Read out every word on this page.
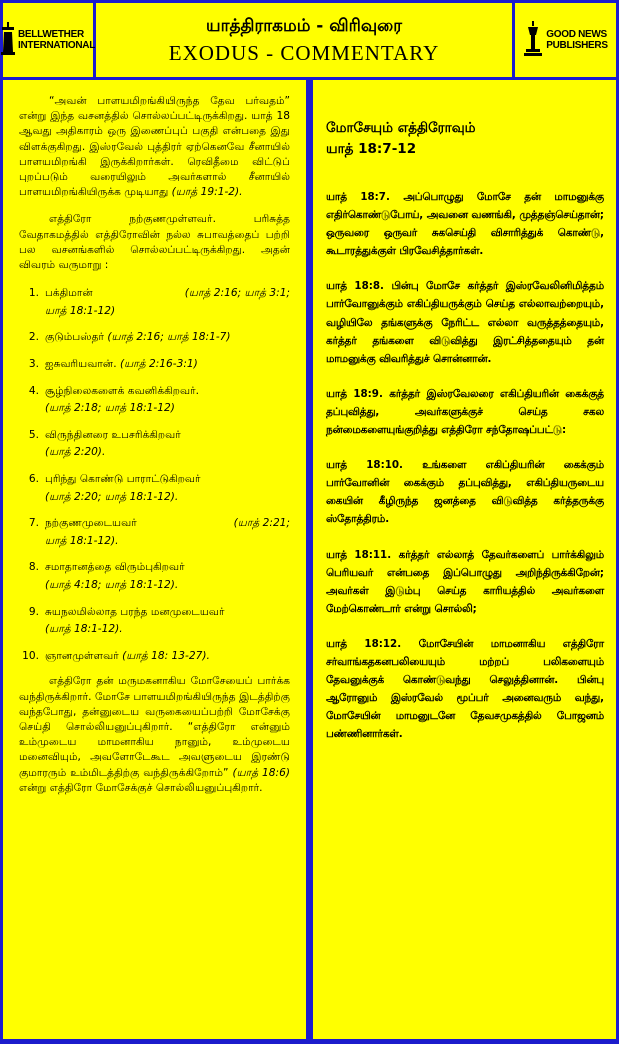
BELLWETHER
INTERNATIONAL
யாத்திராகமம் - விரிவுரை
EXODUS - COMMENTARY
GOOD NEWS
PUBLISHERS

“அவன் பாளயமிறங்கியிருந்த தேவ பர்வதம்” என்று இந்த வசனத்தில் சொல்லப்பட்டிருக்கிறது. யாத் 18 ஆவது அதிகாரம் ஒரு இணைப்புப் பகுதி என்பதை இது விளக்குகிறது. இஸ்ரவேல் புத்திரர் ஏற்கெனவே சீனாயில் பாளயமிறங்கி இருக்கிறார்கள். ரெவிதீமை விட்டுப் புறப்படும் வரையிலும் அவர்களால் சீனாயில் பாளயமிறங்கியிருக்க முடியாது (யாத் 19:1-2).

எத்திரோ நற்குணமுள்ளவர். பரிசுத்த வேதாகமத்தில் எத்திரோவின் நல்ல சுபாவத்தைப் பற்றி பல வசனங்களில் சொல்லப்பட்டிருக்கிறது. அதன் விவரம் வருமாறு :

1. பக்திமான்	(யாத் 2:16; யாத் 3:1;
யாத் 18:1-12)
2. குடும்பஸ்தர் (யாத் 2:16; யாத் 18:1-7)
3. ஐசுவரியவான். (யாத் 2:16-3:1)
4. சூழ்நிலைகளைக் கவனிக்கிறவர்.
(யாத் 2:18; யாத் 18:1-12)
5. விருந்தினரை உபசரிக்கிறவர்
(யாத் 2:20).
6. புரிந்து கொண்டு பாராட்டுகிறவர்
(யாத் 2:20; யாத் 18:1-12).
7. நற்குணமுடையவர்	(யாத் 2:21;
யாத் 18:1-12).
8. சமாதானத்தை விரும்புகிறவர்
(யாத் 4:18; யாத் 18:1-12).
9. சுயநலமில்லாத பரந்த மனமுடையவர்
(யாத் 18:1-12).
10. ஞானமுள்ளவர் (யாத் 18: 13-27).

எத்திரோ தன் மருமகனாகிய மோசேயைப் பார்க்க வந்திருக்கிறார். மோசே பாளயமிறங்கியிருந்த இடத்திற்கு வந்தபோது, தன்னுடைய வருகையைப்பற்றி மோசேக்கு செய்தி சொல்லியனுப்புகிறார். “எத்திரோ என்னும் உம்முடைய மாமனாகிய நானும், உம்முடைய மனைவியும், அவளோடேகூட அவளுடைய இரண்டு குமாரரும் உம்மிடத்திற்கு வந்திருக்கிறோம்” (யாத் 18:6) என்று எத்திரோ மோசேக்குச் சொல்லியனுப்புகிறார்.

மோசேயும் எத்திரோவும்
யாத் 18:7-12

யாத் 18:7. அப்பொழுது மோசே தன் மாமனுக்கு எதிர்கொண்டுபோய், அவனை வணங்கி, முத்தஞ்செய்தான்; ஒருவரை ஒருவர் சுகசெய்தி விசாரித்துக் கொண்டு, கூடாரத்துக்குள் பிரவேசித்தார்கள்.

யாத் 18:8. பின்பு மோசே கர்த்தர் இஸ்ரவேலினிமித்தம் பார்வோனுக்கும் எகிப்தியருக்கும் செய்த எல்லாவற்றையும், வழியிலே தங்களுக்கு நேரிட்ட எல்லா வருத்தத்தையும், கர்த்தர் தங்களை விடுவித்து இரட்சித்ததையும் தன் மாமனுக்கு விவரித்துச் சொன்னான்.

யாத் 18:9. கர்த்தர் இஸ்ரவேலரை எகிப்தியரின் கைக்குத் தப்புவித்து, அவர்களுக்குச் செய்த சகல நன்மைகளையுங்குறித்து எத்திரோ சந்தோஷப்பட்டு:

யாத் 18:10. உங்களை எகிப்தியரின் கைக்கும் பார்வோனின் கைக்கும் தப்புவித்து, எகிப்தியருடைய கையின் கீழிருந்த ஜனத்தை விடுவித்த கர்த்தருக்கு ஸ்தோத்திரம்.

யாத் 18:11. கர்த்தர் எல்லாத் தேவர்களைப் பார்க்கிலும் பெரியவர் என்பதை இப்பொழுது அறிந்திருக்கிறேன்; அவர்கள் இடும்பு செய்த காரியத்தில் அவர்களை மேற்கொண்டார் என்று சொல்லி;

யாத் 18:12. மோசேயின் மாமனாகிய எத்திரோ சர்வாங்கதகனபலியையும் மற்றப் பலிகளையும் தேவனுக்குக் கொண்டுவந்து செலுத்தினான். பின்பு ஆரோனும் இஸ்ரவேல் மூப்பர் அனைவரும் வந்து, மோசேயின் மாமனுடனே தேவசமுகத்தில் போஜனம் பண்ணினார்கள்.
